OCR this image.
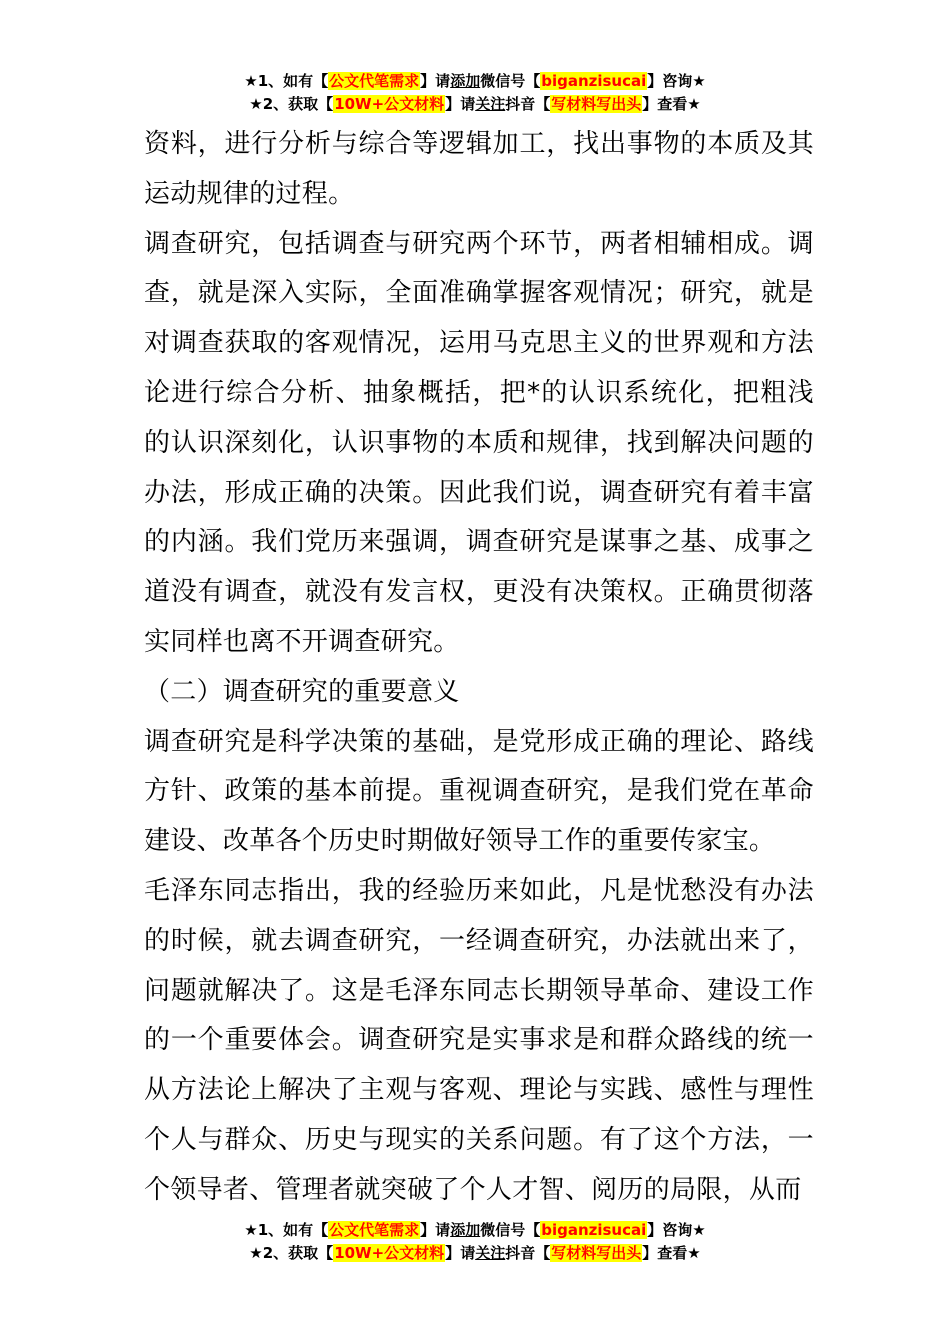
★1、如有【公文代笔需求】请添加微信号【biganzisucai】咨询★
★2、获取【10W+公文材料】请关注抖音【写材料写出头】查看★

资料，进行分析与综合等逻辑加工，找出事物的本质及其运动规律的过程。

调查研究，包括调查与研究两个环节，两者相辅相成。调查，就是深入实际，全面准确掌握客观情况；研究，就是对调查获取的客观情况，运用马克思主义的世界观和方法论进行综合分析、抽象概括，把*的认识系统化，把粗浅的认识深刻化，认识事物的本质和规律，找到解决问题的办法，形成正确的决策。因此我们说，调查研究有着丰富的内涵。我们党历来强调，调查研究是谋事之基、成事之道没有调查，就没有发言权，更没有决策权。正确贯彻落实同样也离不开调查研究。

（二）调查研究的重要意义

调查研究是科学决策的基础，是党形成正确的理论、路线方针、政策的基本前提。重视调查研究，是我们党在革命建设、改革各个历史时期做好领导工作的重要传家宝。

毛泽东同志指出，我的经验历来如此，凡是忧愁没有办法的时候，就去调查研究，一经调查研究，办法就出来了，问题就解决了。这是毛泽东同志长期领导革命、建设工作的一个重要体会。调查研究是实事求是和群众路线的统一从方法论上解决了主观与客观、理论与实践、感性与理性个人与群众、历史与现实的关系问题。有了这个方法，一个领导者、管理者就突破了个人才智、阅历的局限，从而

★1、如有【公文代笔需求】请添加微信号【biganzisucai】咨询★
★2、获取【10W+公文材料】请关注抖音【写材料写出头】查看★
